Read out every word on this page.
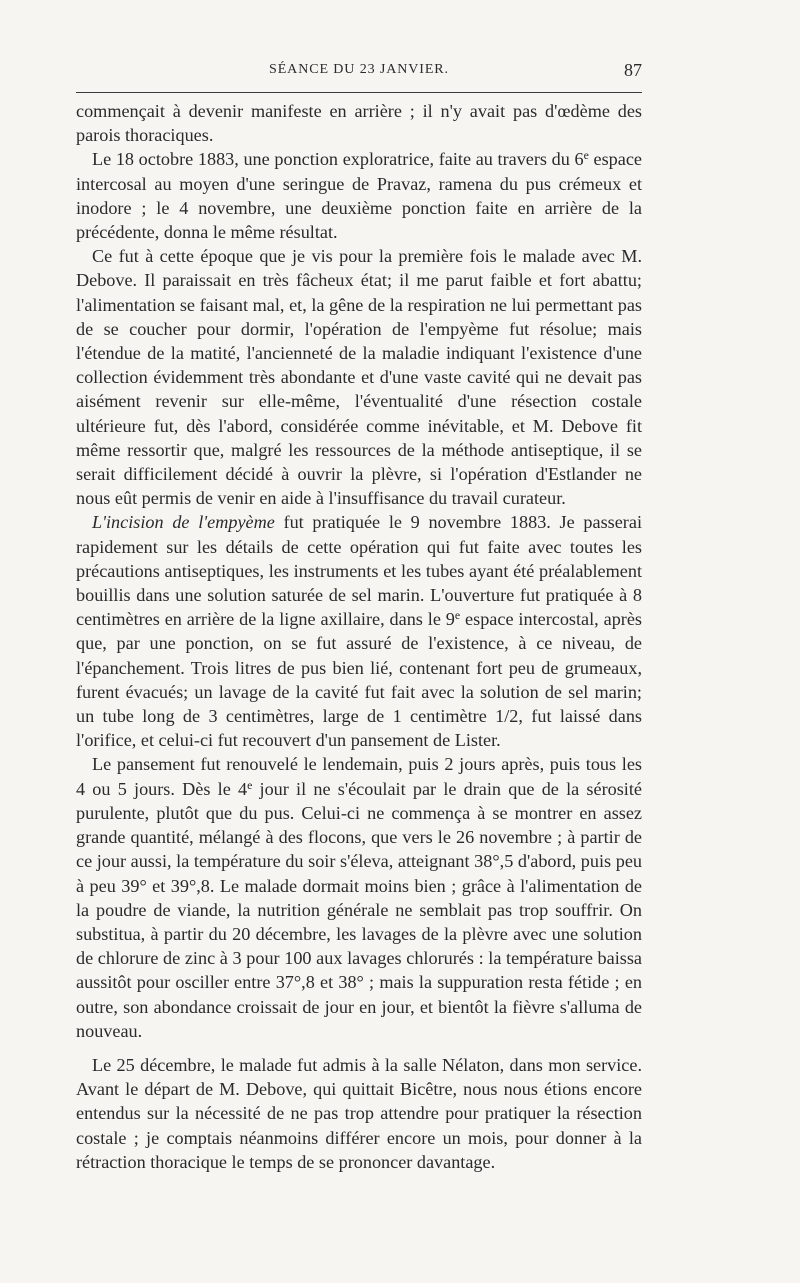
SÉANCE DU 23 JANVIER.	87

commençait à devenir manifeste en arrière ; il n'y avait pas d'œdème des parois thoraciques.

Le 18 octobre 1883, une ponction exploratrice, faite au travers du 6e espace intercosal au moyen d'une seringue de Pravaz, ramena du pus crémeux et inodore ; le 4 novembre, une deuxième ponction faite en arrière de la précédente, donna le même résultat.

Ce fut à cette époque que je vis pour la première fois le malade avec M. Debove. Il paraissait en très fâcheux état; il me parut faible et fort abattu; l'alimentation se faisant mal, et, la gêne de la respiration ne lui permettant pas de se coucher pour dormir, l'opération de l'empyème fut résolue; mais l'étendue de la matité, l'ancienneté de la maladie indiquant l'existence d'une collection évidemment très abondante et d'une vaste cavité qui ne devait pas aisément revenir sur elle-même, l'éventualité d'une résection costale ultérieure fut, dès l'abord, considérée comme inévitable, et M. Debove fit même ressortir que, malgré les ressources de la méthode antiseptique, il se serait difficilement décidé à ouvrir la plèvre, si l'opération d'Estlander ne nous eût permis de venir en aide à l'insuffisance du travail curateur.

L'incision de l'empyème fut pratiquée le 9 novembre 1883. Je passerai rapidement sur les détails de cette opération qui fut faite avec toutes les précautions antiseptiques, les instruments et les tubes ayant été préalablement bouillis dans une solution saturée de sel marin. L'ouverture fut pratiquée à 8 centimètres en arrière de la ligne axillaire, dans le 9e espace intercostal, après que, par une ponction, on se fut assuré de l'existence, à ce niveau, de l'épanchement. Trois litres de pus bien lié, contenant fort peu de grumeaux, furent évacués; un lavage de la cavité fut fait avec la solution de sel marin; un tube long de 3 centimètres, large de 1 centimètre 1/2, fut laissé dans l'orifice, et celui-ci fut recouvert d'un pansement de Lister.

Le pansement fut renouvelé le lendemain, puis 2 jours après, puis tous les 4 ou 5 jours. Dès le 4e jour il ne s'écoulait par le drain que de la sérosité purulente, plutôt que du pus. Celui-ci ne commença à se montrer en assez grande quantité, mélangé à des flocons, que vers le 26 novembre ; à partir de ce jour aussi, la température du soir s'éleva, atteignant 38°,5 d'abord, puis peu à peu 39° et 39°,8. Le malade dormait moins bien ; grâce à l'alimentation de la poudre de viande, la nutrition générale ne semblait pas trop souffrir. On substitua, à partir du 20 décembre, les lavages de la plèvre avec une solution de chlorure de zinc à 3 pour 100 aux lavages chlorurés : la température baissa aussitôt pour osciller entre 37°,8 et 38° ; mais la suppuration resta fétide ; en outre, son abondance croissait de jour en jour, et bientôt la fièvre s'alluma de nouveau.

Le 25 décembre, le malade fut admis à la salle Nélaton, dans mon service. Avant le départ de M. Debove, qui quittait Bicêtre, nous nous étions encore entendus sur la nécessité de ne pas trop attendre pour pratiquer la résection costale ; je comptais néanmoins différer encore un mois, pour donner à la rétraction thoracique le temps de se prononcer davantage.
